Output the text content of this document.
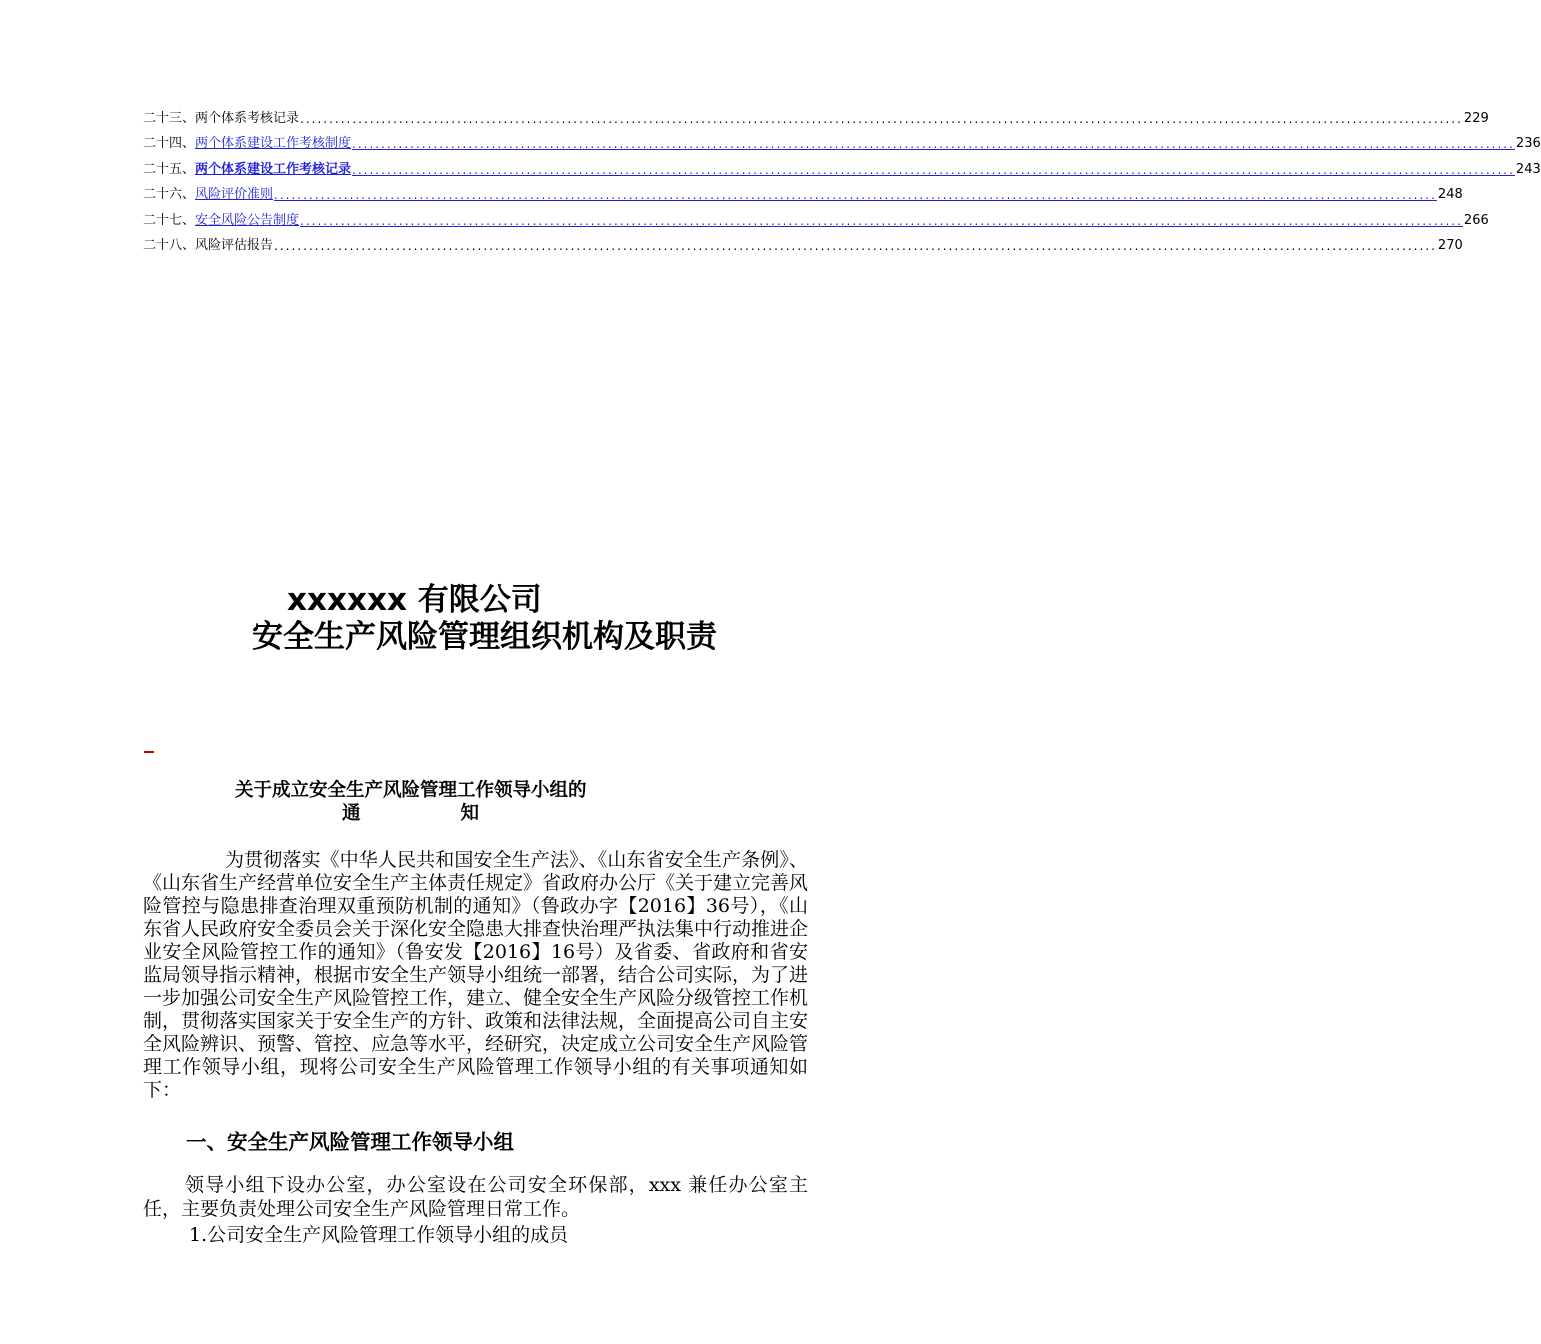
二十三、 两个体系考核记录 ........................................................................................................................................................................................................ 229
二十四、 两个体系建设工作考核制度 ........................................................................................................................................................................................................ 236
二十五、 两个体系建设工作考核记录 ........................................................................................................................................................................................................ 243
二十六、 风险评价准则 ........................................................................................................................................................................................................ 248
二十七、 安全风险公告制度 ........................................................................................................................................................................................................ 266
二十八、 风险评估报告 ........................................................................................................................................................................................................ 270
xxxxxx 有限公司
安全生产风险管理组织机构及职责
关于成立安全生产风险管理工作领导小组的
通知
为贯彻落实《中华人民共和国安全生产法》、《山东省安全生产条例》、《山东省生产经营单位安全生产主体责任规定》省政府办公厅《关于建立完善风险管控与隐患排查治理双重预防机制的通知》（鲁政办字【2016】36号），《山东省人民政府安全委员会关于深化安全隐患大排查快治理严执法集中行动推进企业安全风险管控工作的通知》（鲁安发【2016】16号）及省委、省政府和省安监局领导指示精神，根据市安全生产领导小组统一部署，结合公司实际，为了进一步加强公司安全生产风险管控工作，建立、健全安全生产风险分级管控工作机制，贯彻落实国家关于安全生产的方针、政策和法律法规，全面提高公司自主安全风险辨识、预警、管控、应急等水平，经研究，决定成立公司安全生产风险管理工作领导小组，现将公司安全生产风险管理工作领导小组的有关事项通知如下：
一、安全生产风险管理工作领导小组
领导小组下设办公室，办公室设在公司安全环保部，xxx 兼任办公室主任，主要负责处理公司安全生产风险管理日常工作。
1.公司安全生产风险管理工作领导小组的成员
